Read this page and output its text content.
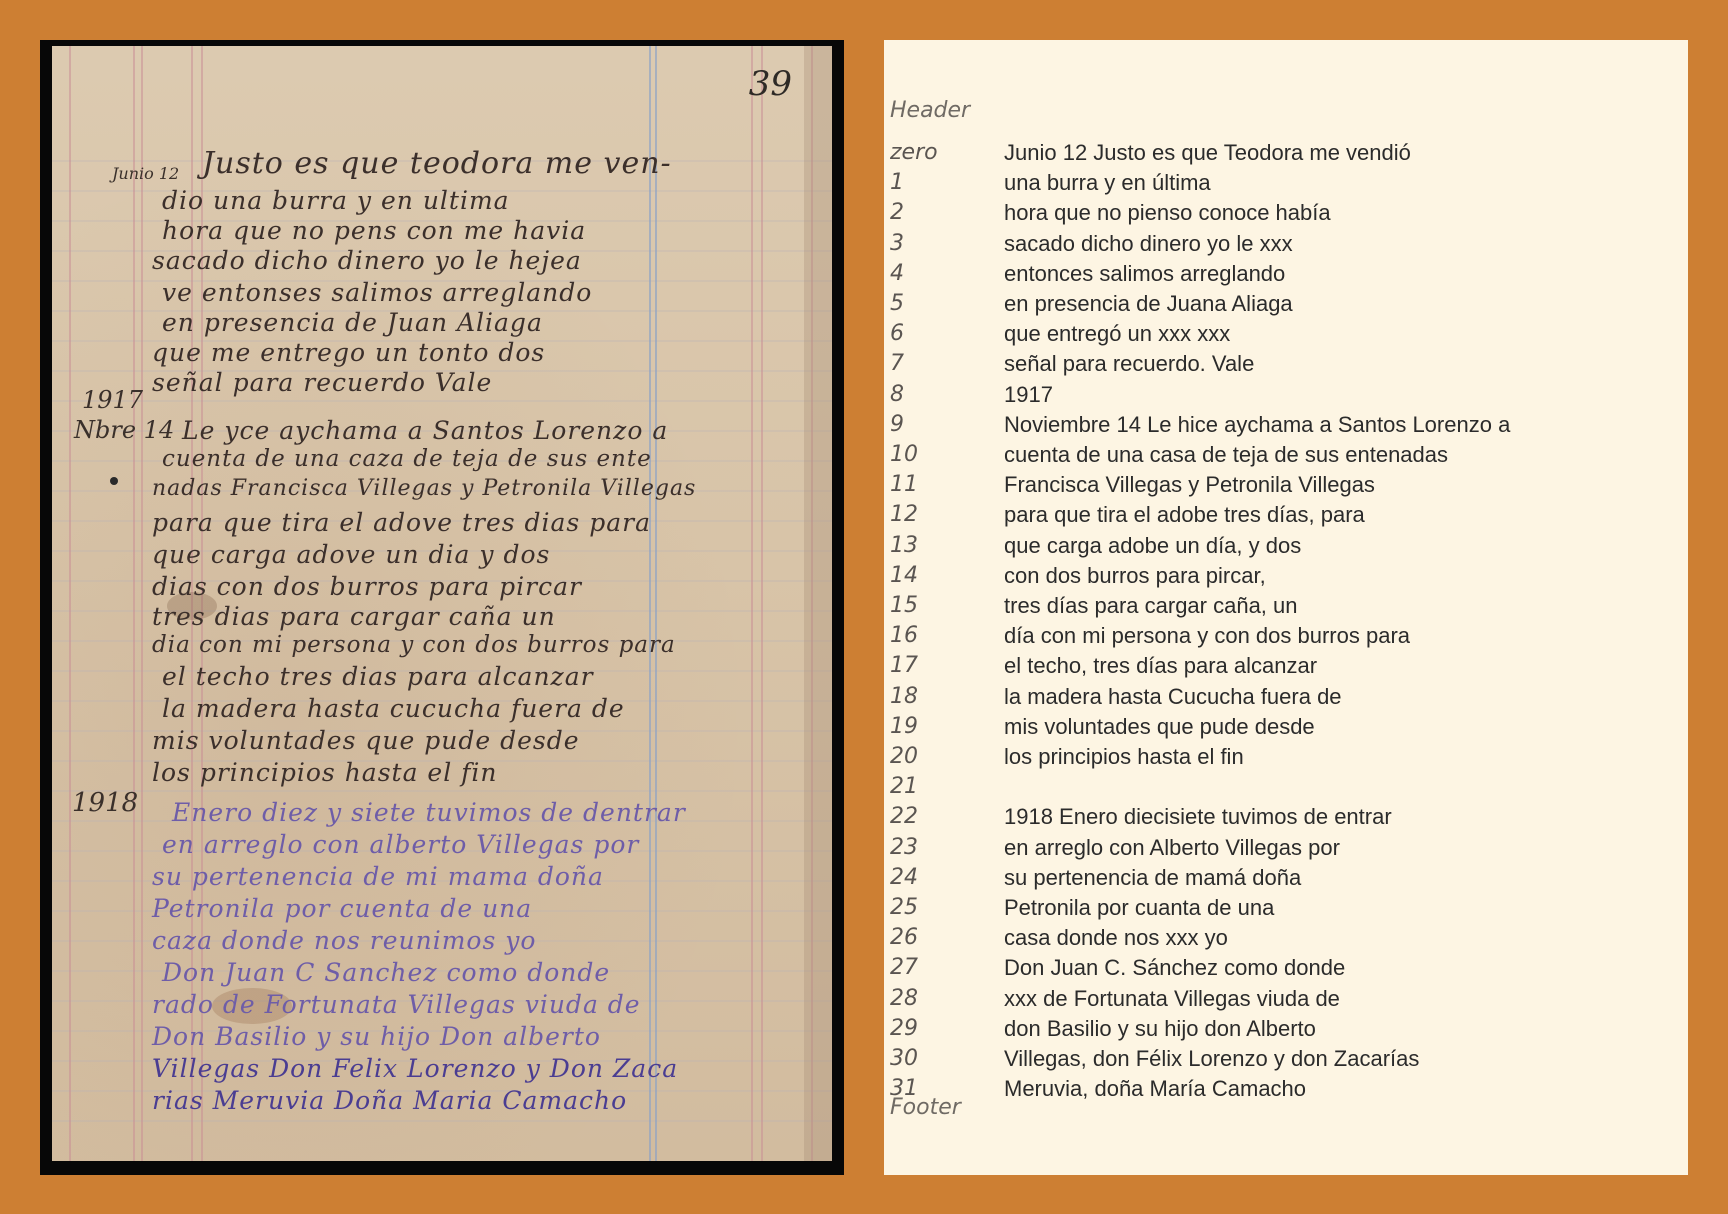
39
Junio 12
1917
Nbre 14
1918
Justo es que teodora me ven-
dio una burra y en ultima
hora que no pens con me havia
sacado dicho dinero yo le hejea
ve entonses salimos arreglando
en presencia de Juan Aliaga
que me entrego un tonto dos
señal para recuerdo Vale
Le yce aychama a Santos Lorenzo a
cuenta de una caza de teja de sus ente
nadas Francisca Villegas y Petronila Villegas
para que tira el adove tres dias para
que carga adove un dia y dos
dias con dos burros para pircar
tres dias para cargar caña un
dia con mi persona y con dos burros para
el techo tres dias para alcanzar
la madera hasta cucucha fuera de
mis voluntades que pude desde
los principios hasta el fin
Enero diez y siete tuvimos de dentrar
en arreglo con alberto Villegas por
su pertenencia de mi mama doña
Petronila por cuenta de una
caza donde nos reunimos yo
Don Juan C Sanchez como donde
rado de Fortunata Villegas viuda de
Don Basilio y su hijo Don alberto
Villegas Don Felix Lorenzo y Don Zaca
rias Meruvia Doña Maria Camacho
Header
zero	Junio 12 Justo es que Teodora me vendió
1	una burra y en última
2	hora que no pienso conoce había
3	sacado dicho dinero yo le xxx
4	entonces salimos arreglando
5	en presencia de Juana Aliaga
6	que entregó un xxx xxx
7	señal para recuerdo. Vale
8	1917
9	Noviembre 14 Le hice aychama a Santos Lorenzo a
10	cuenta de una casa de teja de sus entenadas
11	Francisca Villegas y Petronila Villegas
12	para que tira el adobe tres días, para
13	que carga adobe un día, y dos
14	con dos burros para pircar,
15	tres días para cargar caña, un
16	día con mi persona y con dos burros para
17	el techo, tres días para alcanzar
18	la madera hasta Cucucha fuera de
19	mis voluntades que pude desde
20	los principios hasta el fin
21
22	1918 Enero diecisiete tuvimos de entrar
23	en arreglo con Alberto Villegas por
24	su pertenencia de mamá doña
25	Petronila por cuanta de una
26	casa donde nos xxx yo
27	Don Juan C. Sánchez como donde
28	xxx de Fortunata Villegas viuda de
29	don Basilio y su hijo don Alberto
30	Villegas, don Félix Lorenzo y don Zacarías
31	Meruvia, doña María Camacho
Footer
